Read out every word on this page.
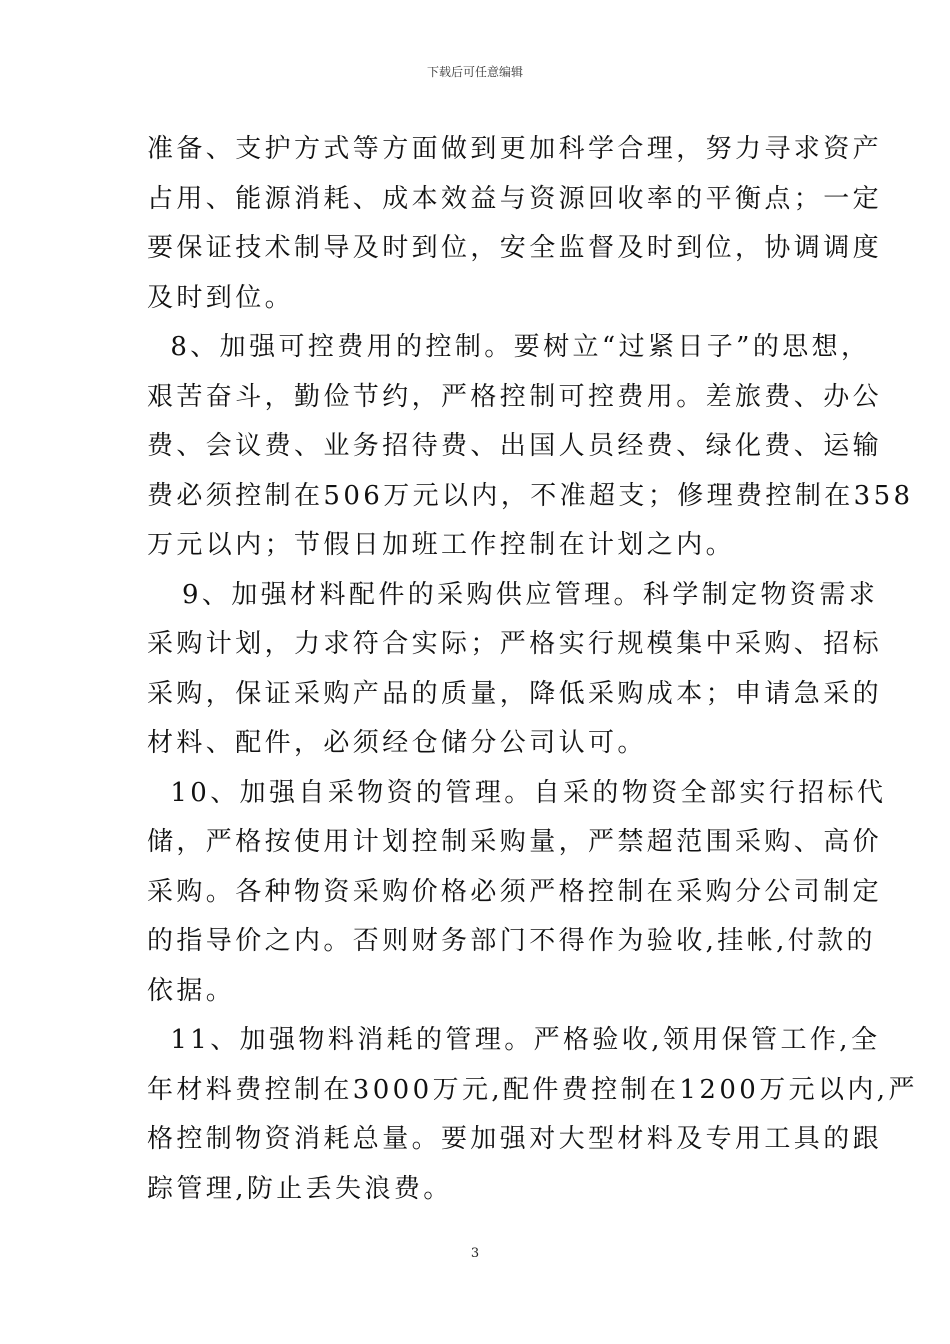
下载后可任意编辑
准备、支护方式等方面做到更加科学合理，努力寻求资产
占用、能源消耗、成本效益与资源回收率的平衡点；一定
要保证技术制导及时到位，安全监督及时到位，协调调度
及时到位。
8、加强可控费用的控制。要树立“过紧日子”的思想，
艰苦奋斗，勤俭节约，严格控制可控费用。差旅费、办公
费、会议费、业务招待费、出国人员经费、绿化费、运输
费必须控制在506万元以内，不准超支；修理费控制在358
万元以内；节假日加班工作控制在计划之内。
9、加强材料配件的采购供应管理。科学制定物资需求
采购计划，力求符合实际；严格实行规模集中采购、招标
采购，保证采购产品的质量，降低采购成本；申请急采的
材料、配件，必须经仓储分公司认可。
10、加强自采物资的管理。自采的物资全部实行招标代
储，严格按使用计划控制采购量，严禁超范围采购、高价
采购。各种物资采购价格必须严格控制在采购分公司制定
的指导价之内。否则财务部门不得作为验收,挂帐,付款的
依据。
11、加强物料消耗的管理。严格验收,领用保管工作,全
年材料费控制在3000万元,配件费控制在1200万元以内,严
格控制物资消耗总量。要加强对大型材料及专用工具的跟
踪管理,防止丢失浪费。
3
